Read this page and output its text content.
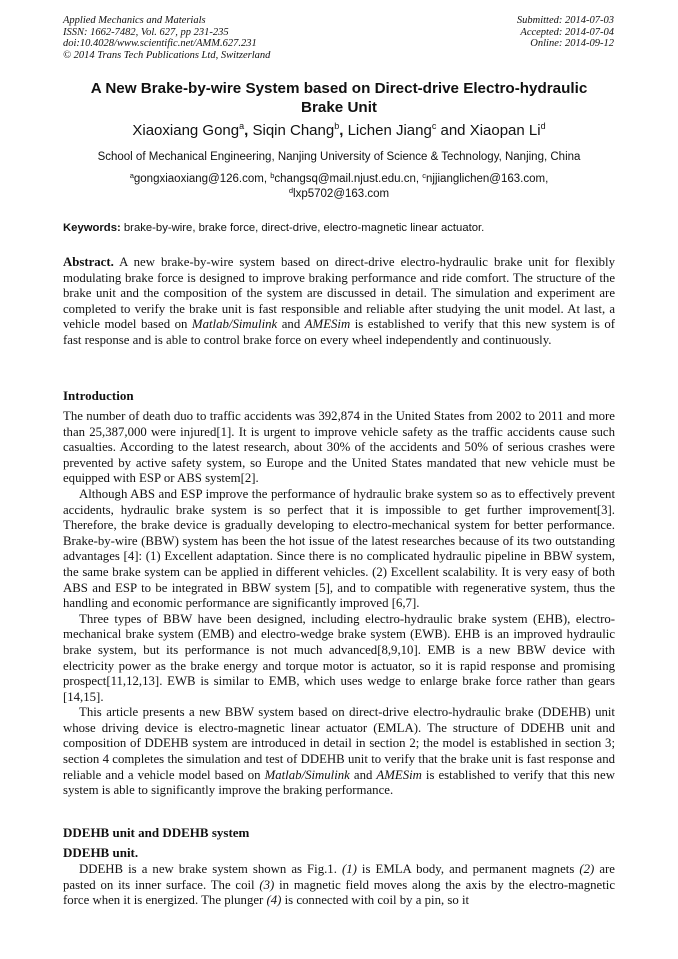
Applied Mechanics and Materials
ISSN: 1662-7482, Vol. 627, pp 231-235
doi:10.4028/www.scientific.net/AMM.627.231
© 2014 Trans Tech Publications Ltd, Switzerland
Submitted: 2014-07-03
Accepted: 2014-07-04
Online: 2014-09-12
A New Brake-by-wire System based on Direct-drive Electro-hydraulic
Brake Unit
Xiaoxiang Gong$^a$, Siqin Chang$^b$, Lichen Jiang$^c$ and Xiaopan Li$^d$
School of Mechanical Engineering, Nanjing University of Science & Technology, Nanjing, China
$^a$gongxiaoxiang@126.com, $^b$changsq@mail.njust.edu.cn, $^c$njjianglichen@163.com,
$^d$lxp5702@163.com
Keywords: brake-by-wire, brake force, direct-drive, electro-magnetic linear actuator.

Abstract. A new brake-by-wire system based on direct-drive electro-hydraulic brake unit for flexibly modulating brake force is designed to improve braking performance and ride comfort. The structure of the brake unit and the composition of the system are discussed in detail. The simulation and experiment are completed to verify the brake unit is fast responsible and reliable after studying the unit model. At last, a vehicle model based on Matlab/Simulink and AMESim is established to verify that this new system is of fast response and is able to control brake force on every wheel independently and continuously.

Introduction

The number of death duo to traffic accidents was 392,874 in the United States from 2002 to 2011 and more than 25,387,000 were injured[1]. It is urgent to improve vehicle safety as the traffic accidents cause such casualties. According to the latest research, about 30% of the accidents and 50% of serious crashes were prevented by active safety system, so Europe and the United States mandated that new vehicle must be equipped with ESP or ABS system[2].

Although ABS and ESP improve the performance of hydraulic brake system so as to effectively prevent accidents, hydraulic brake system is so perfect that it is impossible to get further improvement[3]. Therefore, the brake device is gradually developing to electro-mechanical system for better performance. Brake-by-wire (BBW) system has been the hot issue of the latest researches because of its two outstanding advantages [4]: (1) Excellent adaptation. Since there is no complicated hydraulic pipeline in BBW system, the same brake system can be applied in different vehicles. (2) Excellent scalability. It is very easy of both ABS and ESP to be integrated in BBW system [5], and to compatible with regenerative system, thus the handling and economic performance are significantly improved [6,7].

Three types of BBW have been designed, including electro-hydraulic brake system (EHB), electro-mechanical brake system (EMB) and electro-wedge brake system (EWB). EHB is an improved hydraulic brake system, but its performance is not much advanced[8,9,10]. EMB is a new BBW device with electricity power as the brake energy and torque motor is actuator, so it is rapid response and promising prospect[11,12,13]. EWB is similar to EMB, which uses wedge to enlarge brake force rather than gears [14,15].

This article presents a new BBW system based on direct-drive electro-hydraulic brake (DDEHB) unit whose driving device is electro-magnetic linear actuator (EMLA). The structure of DDEHB unit and composition of DDEHB system are introduced in detail in section 2; the model is established in section 3; section 4 completes the simulation and test of DDEHB unit to verify that the brake unit is fast response and reliable and a vehicle model based on Matlab/Simulink and AMESim is established to verify that this new system is able to significantly improve the braking performance.

DDEHB unit and DDEHB system
DDEHB unit.

DDEHB is a new brake system shown as Fig.1. (1) is EMLA body, and permanent magnets (2) are pasted on its inner surface. The coil (3) in magnetic field moves along the axis by the electro-magnetic force when it is energized. The plunger (4) is connected with coil by a pin, so it
